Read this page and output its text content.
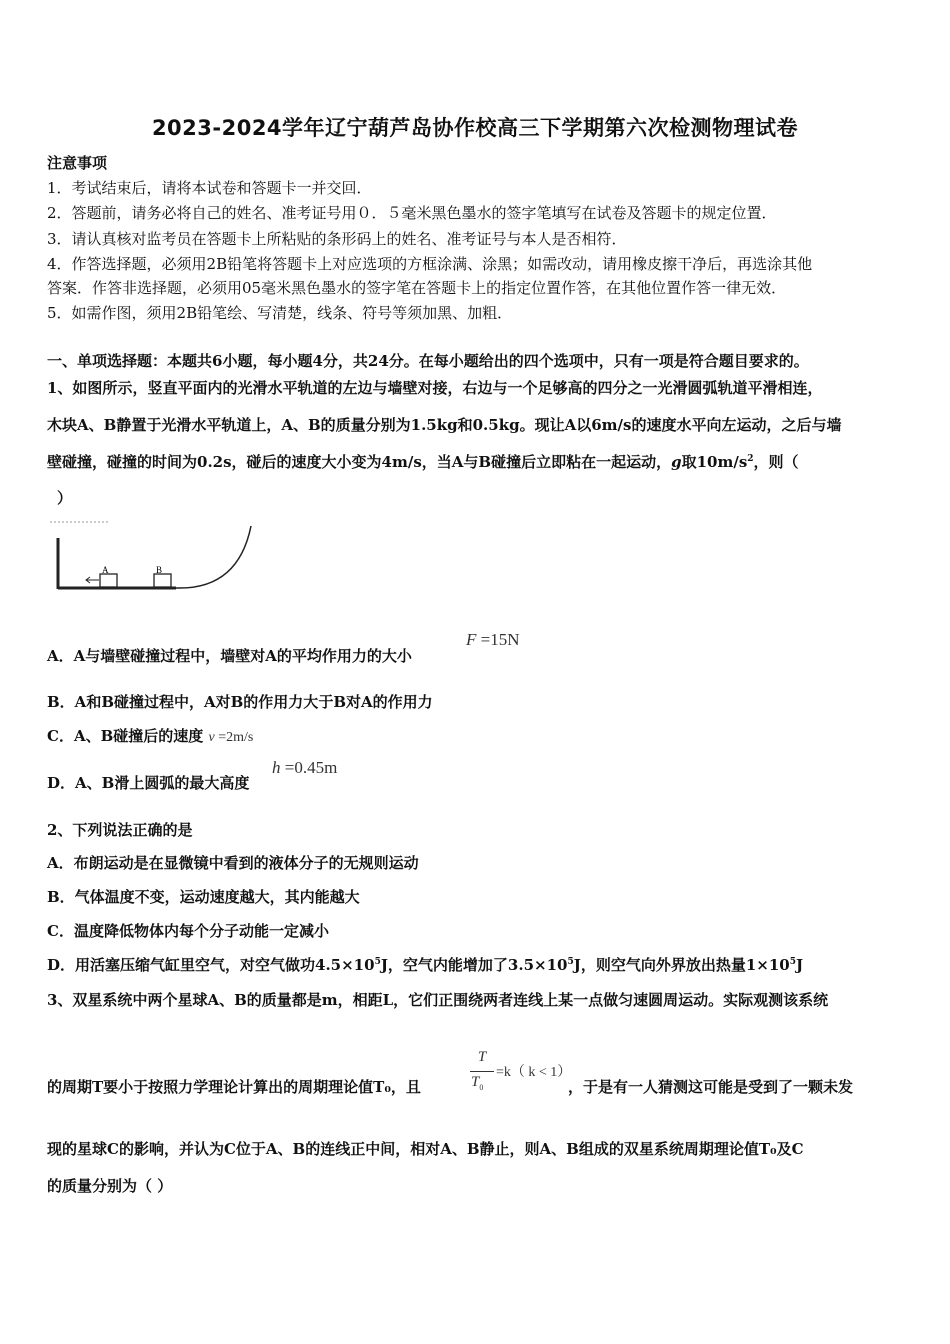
2023-2024学年辽宁葫芦岛协作校高三下学期第六次检测物理试卷
注意事项
1．考试结束后，请将本试卷和答题卡一并交回．
2．答题前，请务必将自己的姓名、准考证号用０．５毫米黑色墨水的签字笔填写在试卷及答题卡的规定位置．
3．请认真核对监考员在答题卡上所粘贴的条形码上的姓名、准考证号与本人是否相符．
4．作答选择题，必须用2B铅笔将答题卡上对应选项的方框涂满、涂黑；如需改动，请用橡皮擦干净后，再选涂其他
答案．作答非选择题，必须用05毫米黑色墨水的签字笔在答题卡上的指定位置作答，在其他位置作答一律无效．
5．如需作图，须用2B铅笔绘、写清楚，线条、符号等须加黑、加粗．
一、单项选择题：本题共6小题，每小题4分，共24分。在每小题给出的四个选项中，只有一项是符合题目要求的。
1、如图所示，竖直平面内的光滑水平轨道的左边与墙壁对接，右边与一个足够高的四分之一光滑圆弧轨道平滑相连，
木块A、B静置于光滑水平轨道上，A、B的质量分别为1.5kg和0.5kg。现让A以6m/s的速度水平向左运动，之后与墙
壁碰撞，碰撞的时间为0.2s，碰后的速度大小变为4m/s，当A与B碰撞后立即粘在一起运动，g取$10m/s^2$，则（
）
A	B
A．A与墙壁碰撞过程中，墙壁对A的平均作用力的大小
F =15N
B．A和B碰撞过程中，A对B的作用力大于B对A的作用力
C．A、B碰撞后的速度 v =2m/s
D．A、B滑上圆弧的最大高度
h =0.45m
2、下列说法正确的是
A．布朗运动是在显微镜中看到的液体分子的无规则运动
B．气体温度不变，运动速度越大，其内能越大
C．温度降低物体内每个分子动能一定减小
D．用活塞压缩气缸里空气，对空气做功$4.5\times 10^5J$，空气内能增加了$3.5\times 10^5J$，则空气向外界放出热量$1\times 10^5J$
3、双星系统中两个星球A、B的质量都是m，相距L，它们正围绕两者连线上某一点做匀速圆周运动。实际观测该系统
的周期T要小于按照力学理论计算出的周期理论值T₀，且
T
$T_0$
=k（ k < 1）
，于是有一人猜测这可能是受到了一颗未发
现的星球C的影响，并认为C位于A、B的连线正中间，相对A、B静止，则A、B组成的双星系统周期理论值T₀及C
的质量分别为（ ）
